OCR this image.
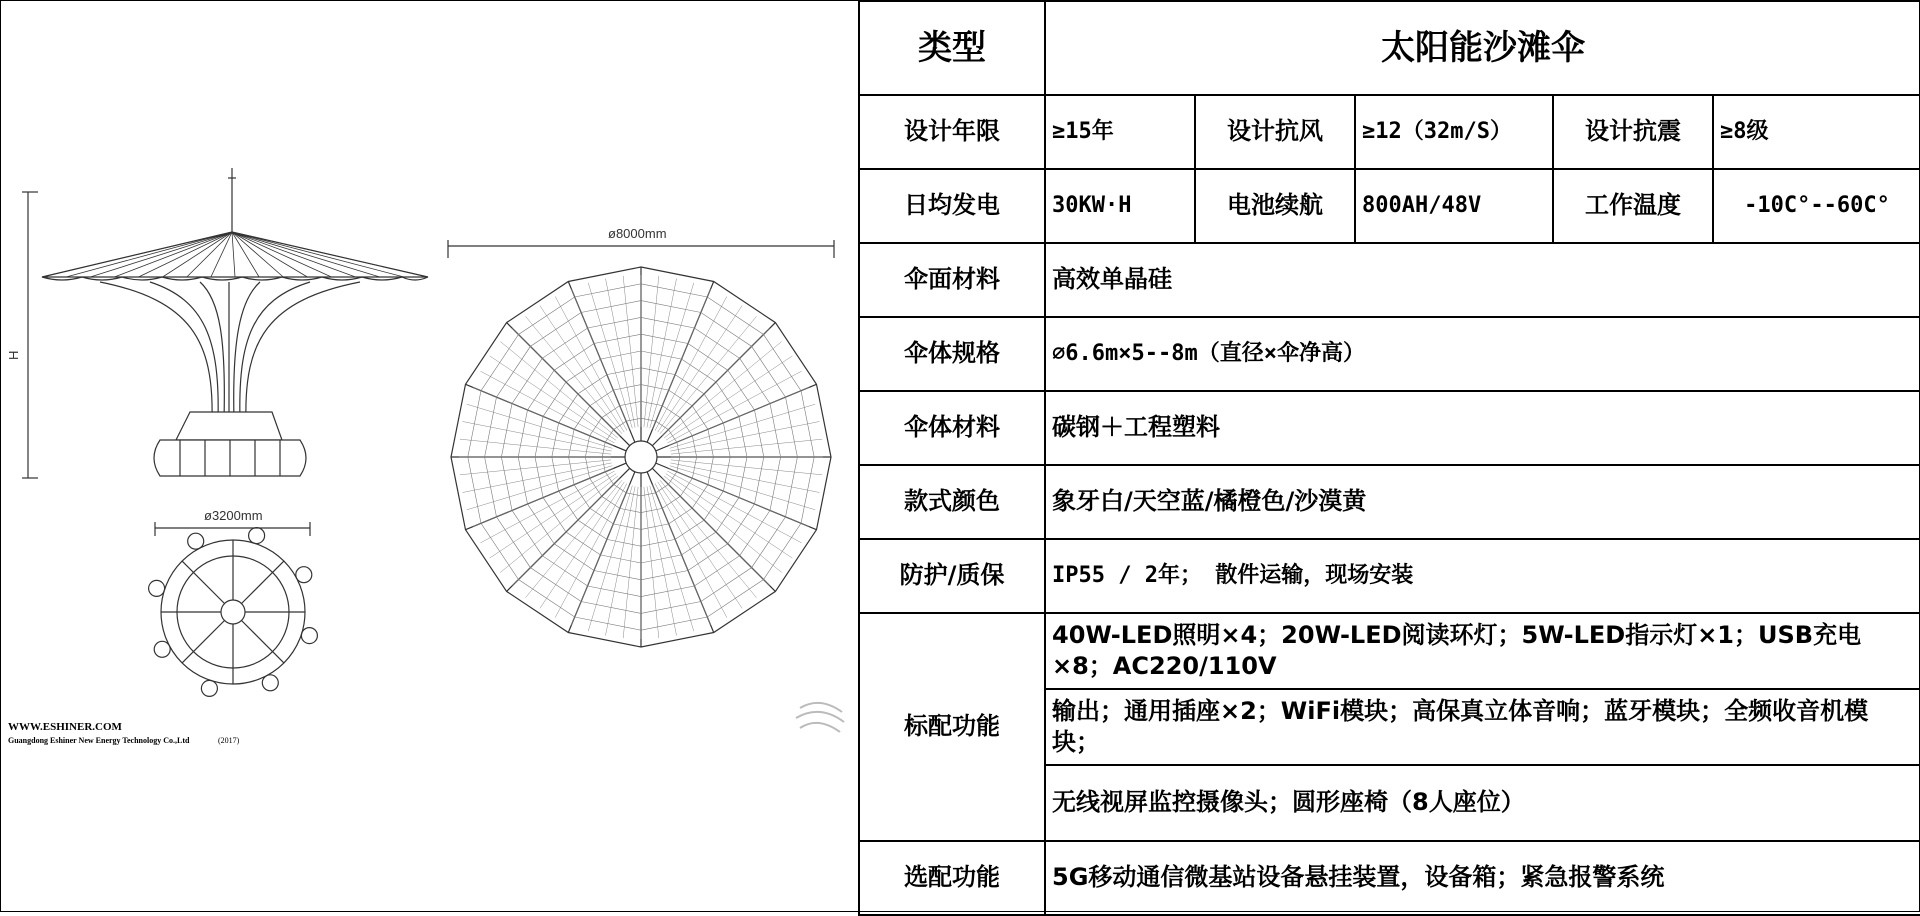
H
ø3200mm
ø8000mm
WWW.ESHINER.COM
Guangdong Eshiner New Energy Technology Co.,Ltd	(2017)
类型	太阳能沙滩伞				
设计年限	≥15年	设计抗风	≥12（32m/S）	设计抗震	≥8级
日均发电	30KW·H	电池续航	800AH/48V	工作温度	-10C°--60C°
伞面材料	高效单晶硅				
伞体规格	⌀6.6m×5--8m（直径×伞净高）				
伞体材料	碳钢＋工程塑料				
款式颜色	象牙白/天空蓝/橘橙色/沙漠黄				
防护/质保	IP55 / 2年； 散件运输，现场安装				
标配功能	40W-LED照明×4；20W-LED阅读环灯；5W-LED指示灯×1；USB充电×8；AC220/110V				
	输出；通用插座×2；WiFi模块；高保真立体音响；蓝牙模块；全频收音机模块；				
	无线视屏监控摄像头；圆形座椅（8人座位）				
选配功能	5G移动通信微基站设备悬挂装置，设备箱；紧急报警系统				
